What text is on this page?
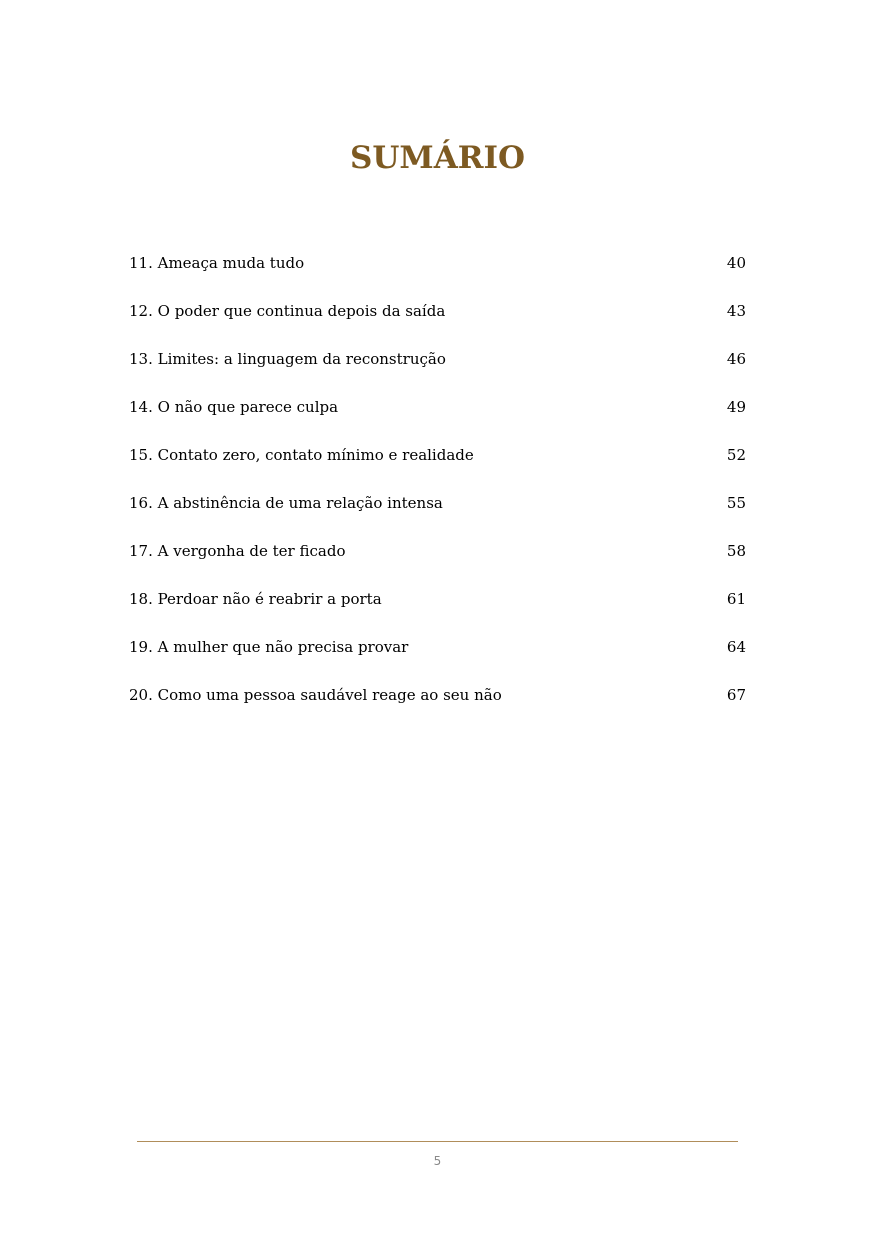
SUMÁRIO
11. Ameaça muda tudo	40
12. O poder que continua depois da saída	43
13. Limites: a linguagem da reconstrução	46
14. O não que parece culpa	49
15. Contato zero, contato mínimo e realidade	52
16. A abstinência de uma relação intensa	55
17. A vergonha de ter ficado	58
18. Perdoar não é reabrir a porta	61
19. A mulher que não precisa provar	64
20. Como uma pessoa saudável reage ao seu não	67
5
